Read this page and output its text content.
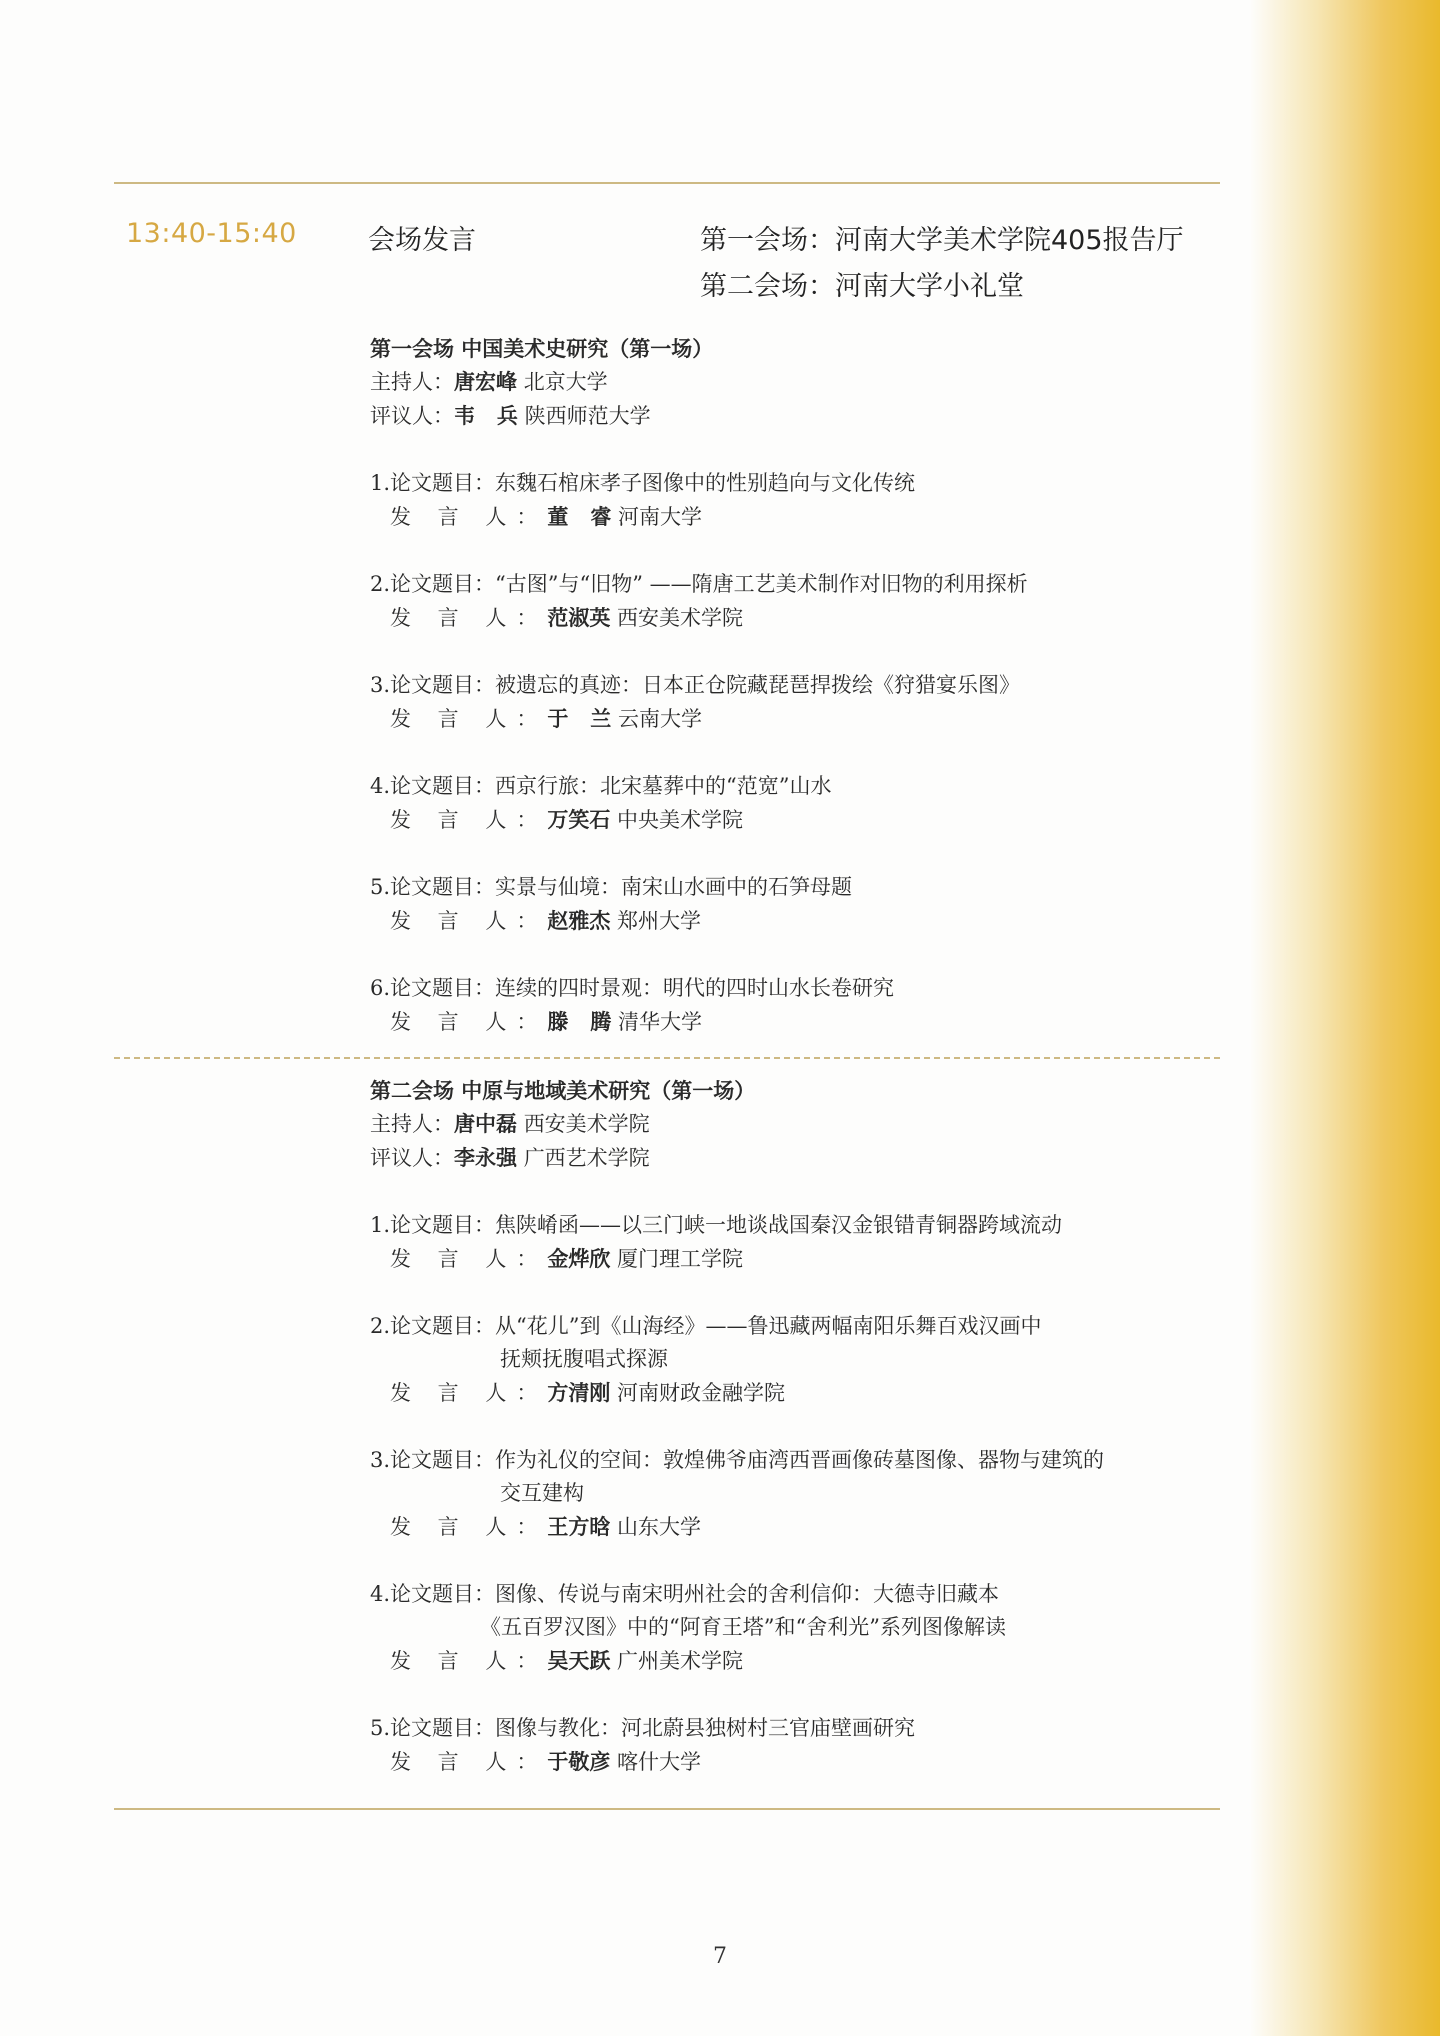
13:40-15:40	会场发言	第一会场：河南大学美术学院405报告厅
第二会场：河南大学小礼堂
第一会场 中国美术史研究（第一场）
主持人：唐宏峰 北京大学
评议人：韦   兵 陕西师范大学
1.论文题目：东魏石棺床孝子图像中的性别趋向与文化传统
发 言 人：董   睿 河南大学
2.论文题目：“古图”与“旧物” ——隋唐工艺美术制作对旧物的利用探析
发 言 人：范淑英 西安美术学院
3.论文题目：被遗忘的真迹：日本正仓院藏琵琶捍拨绘《狩猎宴乐图》
发 言 人：于   兰 云南大学
4.论文题目：西京行旅：北宋墓葬中的“范宽”山水
发 言 人：万笑石 中央美术学院
5.论文题目：实景与仙境：南宋山水画中的石笋母题
发 言 人：赵雅杰 郑州大学
6.论文题目：连续的四时景观：明代的四时山水长卷研究
发 言 人：滕   腾 清华大学
第二会场 中原与地域美术研究（第一场）
主持人：唐中磊 西安美术学院
评议人：李永强 广西艺术学院
1.论文题目：焦陕崤函——以三门峡一地谈战国秦汉金银错青铜器跨域流动
发 言 人：金烨欣 厦门理工学院
2.论文题目：从“花儿”到《山海经》——鲁迅藏两幅南阳乐舞百戏汉画中
抚颊抚腹唱式探源
发 言 人：方清刚 河南财政金融学院
3.论文题目：作为礼仪的空间：敦煌佛爷庙湾西晋画像砖墓图像、器物与建筑的
交互建构
发 言 人：王方晗 山东大学
4.论文题目：图像、传说与南宋明州社会的舍利信仰：大德寺旧藏本
《五百罗汉图》中的“阿育王塔”和“舍利光”系列图像解读
发 言 人：吴天跃 广州美术学院
5.论文题目：图像与教化：河北蔚县独树村三官庙壁画研究
发 言 人：于敬彦 喀什大学
7
